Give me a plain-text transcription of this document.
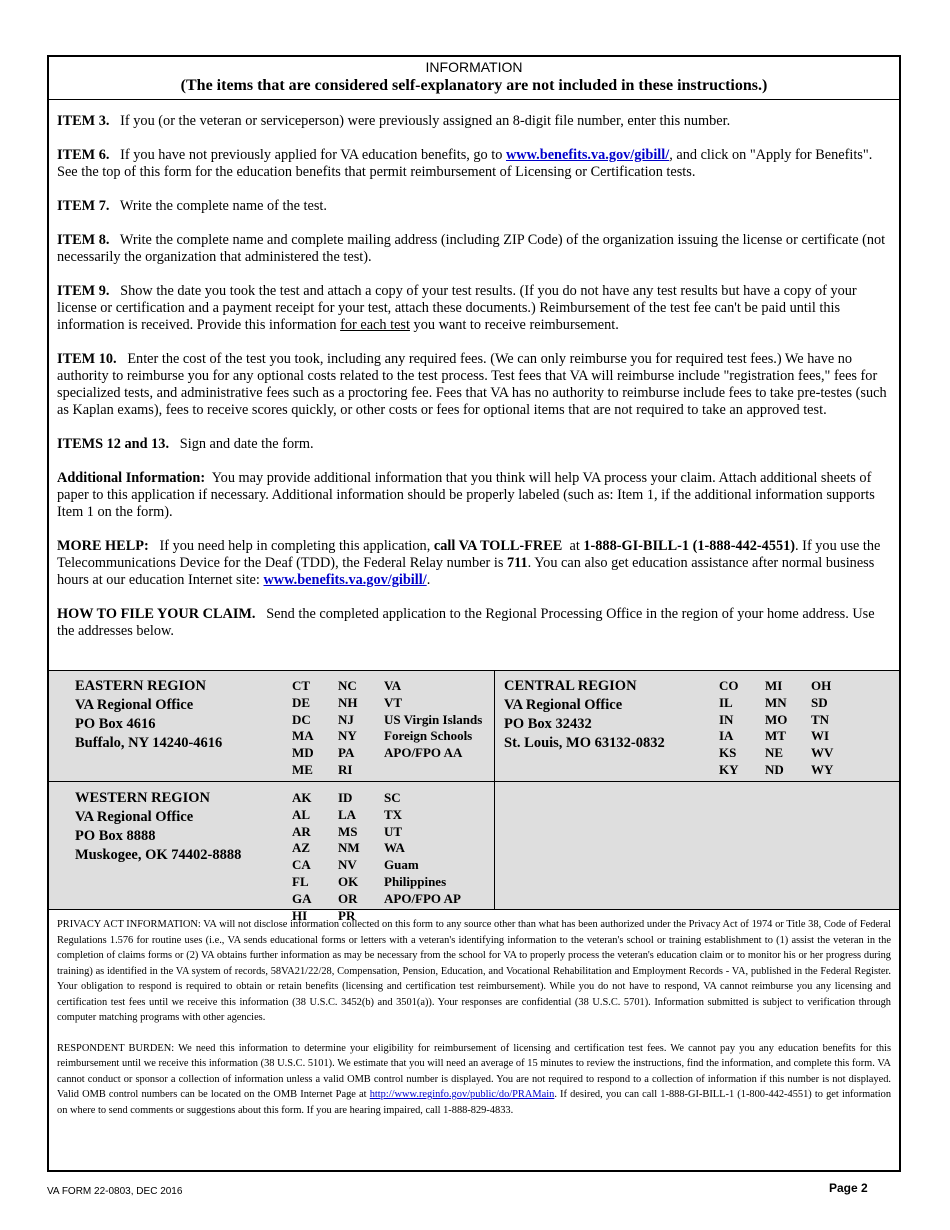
INFORMATION
(The items that are considered self-explanatory are not included in these instructions.)

ITEM 3. If you (or the veteran or serviceperson) were previously assigned an 8-digit file number, enter this number.

ITEM 6. If you have not previously applied for VA education benefits, go to www.benefits.va.gov/gibill/, and click on "Apply for Benefits". See the top of this form for the education benefits that permit reimbursement of Licensing or Certification tests.

ITEM 7. Write the complete name of the test.

ITEM 8. Write the complete name and complete mailing address (including ZIP Code) of the organization issuing the license or certificate (not necessarily the organization that administered the test).

ITEM 9. Show the date you took the test and attach a copy of your test results. (If you do not have any test results but have a copy of your license or certification and a payment receipt for your test, attach these documents.) Reimbursement of the test fee can't be paid until this information is received. Provide this information for each test you want to receive reimbursement.

ITEM 10. Enter the cost of the test you took, including any required fees. (We can only reimburse you for required test fees.) We have no authority to reimburse you for any optional costs related to the test process. Test fees that VA will reimburse include "registration fees," fees for specialized tests, and administrative fees such as a proctoring fee. Fees that VA has no authority to reimburse include fees to take pre-testes (such as Kaplan exams), fees to receive scores quickly, or other costs or fees for optional items that are not required to take an approved test.

ITEMS 12 and 13. Sign and date the form.

Additional Information: You may provide additional information that you think will help VA process your claim. Attach additional sheets of paper to this application if necessary. Additional information should be properly labeled (such as: Item 1, if the additional information supports Item 1 on the form).

MORE HELP: If you need help in completing this application, call VA TOLL-FREE at 1-888-GI-BILL-1 (1-888-442-4551). If you use the Telecommunications Device for the Deaf (TDD), the Federal Relay number is 711. You can also get education assistance after normal business hours at our education Internet site: www.benefits.va.gov/gibill/.

HOW TO FILE YOUR CLAIM. Send the completed application to the Regional Processing Office in the region of your home address. Use the addresses below.

EASTERN REGION
VA Regional Office
PO Box 4616
Buffalo, NY 14240-4616
CT
DE
DC
MA
MD
ME
NC
NH
NJ
NY
PA
RI
VA
VT
US Virgin Islands
Foreign Schools
APO/FPO AA
CENTRAL REGION
VA Regional Office
PO Box 32432
St. Louis, MO 63132-0832
CO
IL
IN
IA
KS
KY
MI
MN
MO
MT
NE
ND
OH
SD
TN
WI
WV
WY
WESTERN REGION
VA Regional Office
PO Box 8888
Muskogee, OK 74402-8888
AK
AL
AR
AZ
CA
FL
GA
HI
ID
LA
MS
NM
NV
OK
OR
PR
SC
TX
UT
WA
Guam
Philippines
APO/FPO AP

PRIVACY ACT INFORMATION: VA will not disclose information collected on this form to any source other than what has been authorized under the Privacy Act of 1974 or Title 38, Code of Federal Regulations 1.576 for routine uses (i.e., VA sends educational forms or letters with a veteran's identifying information to the veteran's school or training establishment to (1) assist the veteran in the completion of claims forms or (2) VA obtains further information as may be necessary from the school for VA to properly process the veteran's education claim or to monitor his or her progress during training) as identified in the VA system of records, 58VA21/22/28, Compensation, Pension, Education, and Vocational Rehabilitation and Employment Records - VA, published in the Federal Register. Your obligation to respond is required to obtain or retain benefits (licensing and certification test reimbursement). While you do not have to respond, VA cannot reimburse you any licensing and certification test fees until we receive this information (38 U.S.C. 3452(b) and 3501(a)). Your responses are confidential (38 U.S.C. 5701). Information submitted is subject to verification through computer matching programs with other agencies.

RESPONDENT BURDEN: We need this information to determine your eligibility for reimbursement of licensing and certification test fees. We cannot pay you any education benefits for this reimbursement until we receive this information (38 U.S.C. 5101). We estimate that you will need an average of 15 minutes to review the instructions, find the information, and complete this form. VA cannot conduct or sponsor a collection of information unless a valid OMB control number is displayed. You are not required to respond to a collection of information if this number is not displayed. Valid OMB control numbers can be located on the OMB Internet Page at http://www.reginfo.gov/public/do/PRAMain. If desired, you can call 1-888-GI-BILL-1 (1-800-442-4551) to get information on where to send comments or suggestions about this form. If you are hearing impaired, call 1-888-829-4833.

VA FORM 22-0803, DEC 2016	Page 2
